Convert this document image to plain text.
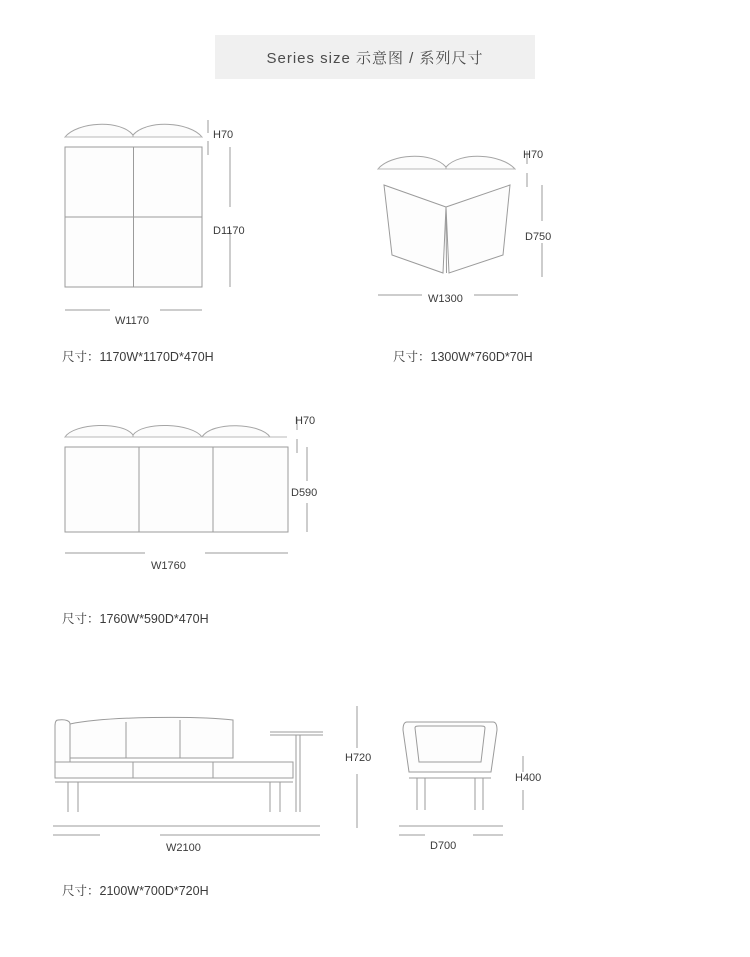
Series size 示意图 / 系列尺寸
H70
D1170
W1170
尺寸：1170W*1170D*470H
H70
D750
W1300
尺寸：1300W*760D*70H
H70
D590
W1760
尺寸：1760W*590D*470H
W2100
H720
尺寸：2100W*700D*720H
D700
H400
